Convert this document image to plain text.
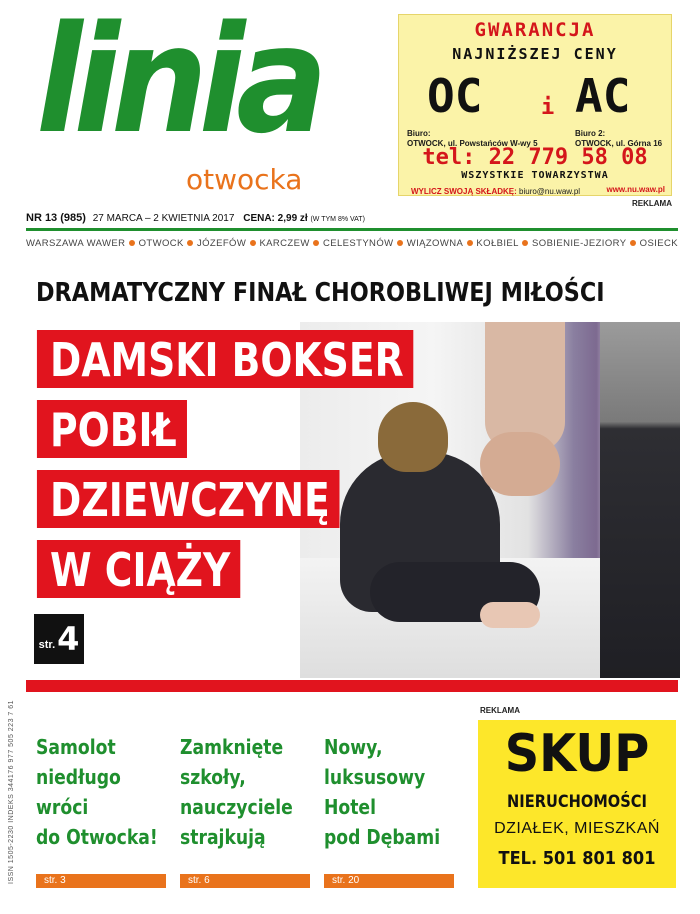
linia
otwocka
GWARANCJA
NAJNIŻSZEJ CENY
OC	i AC
Biuro:
OTWOCK, ul. Powstańców W-wy 5
Biuro 2:
OTWOCK, ul. Górna 16
tel: 22 779 58 08
WSZYSTKIE TOWARZYSTWA
WYLICZ SWOJĄ SKŁADKĘ: biuro@nu.waw.pl	www.nu.waw.pl
REKLAMA
NR 13 (985) 27 MARCA – 2 KWIETNIA 2017 CENA: 2,99 zł (W TYM 8% VAT)
WARSZAWA WAWER OTWOCK JÓZEFÓW KARCZEW CELESTYNÓW WIĄZOWNA KOŁBIEL SOBIENIE-JEZIORY OSIECK
DRAMATYCZNY FINAŁ CHOROBLIWEJ MIŁOŚCI
DAMSKI BOKSER
POBIŁ
DZIEWCZYNĘ
W CIĄŻY
str. 4
Samolot
niedługo
wróci
do Otwocka!
str. 3
Zamknięte
szkoły,
nauczyciele
strajkują
str. 6
Nowy,
luksusowy
Hotel
pod Dębami
str. 20
ISSN 1505-2230 INDEKS 344176 977 505 223 7 61	REKLAMA
SKUP
NIERUCHOMOŚCI
DZIAŁEK, MIESZKAŃ
TEL. 501 801 801
